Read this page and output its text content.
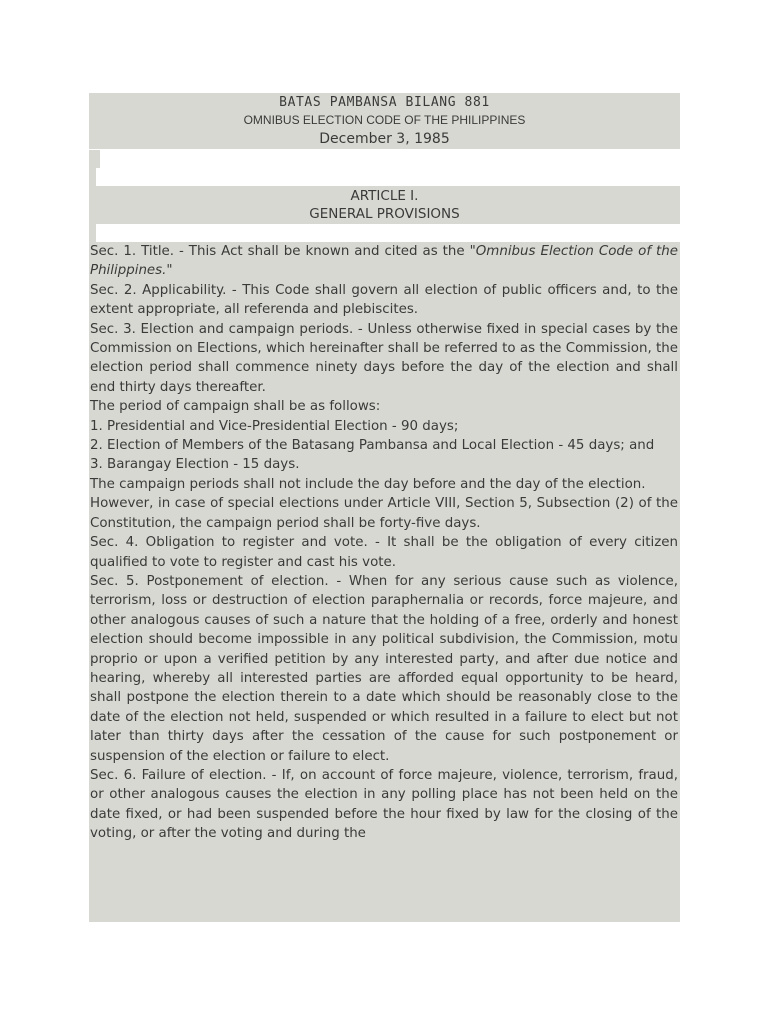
BATAS PAMBANSA BILANG 881
OMNIBUS ELECTION CODE OF THE PHILIPPINES
December 3, 1985
ARTICLE I.
GENERAL PROVISIONS

Sec. 1. Title. - This Act shall be known and cited as the "Omnibus Election Code of the Philippines."

Sec. 2. Applicability. - This Code shall govern all election of public officers and, to the extent appropriate, all referenda and plebiscites.

Sec. 3. Election and campaign periods. - Unless otherwise fixed in special cases by the Commission on Elections, which hereinafter shall be referred to as the Commission, the election period shall commence ninety days before the day of the election and shall end thirty days thereafter.

The period of campaign shall be as follows:

1. Presidential and Vice-Presidential Election - 90 days;

2. Election of Members of the Batasang Pambansa and Local Election - 45 days; and

3. Barangay Election - 15 days.

The campaign periods shall not include the day before and the day of the election.

However, in case of special elections under Article VIII, Section 5, Subsection (2) of the Constitution, the campaign period shall be forty-five days.

Sec. 4. Obligation to register and vote. - It shall be the obligation of every citizen qualified to vote to register and cast his vote.

Sec. 5. Postponement of election. - When for any serious cause such as violence, terrorism, loss or destruction of election paraphernalia or records, force majeure, and other analogous causes of such a nature that the holding of a free, orderly and honest election should become impossible in any political subdivision, the Commission, motu proprio or upon a verified petition by any interested party, and after due notice and hearing, whereby all interested parties are afforded equal opportunity to be heard, shall postpone the election therein to a date which should be reasonably close to the date of the election not held, suspended or which resulted in a failure to elect but not later than thirty days after the cessation of the cause for such postponement or suspension of the election or failure to elect.

Sec. 6. Failure of election. - If, on account of force majeure, violence, terrorism, fraud, or other analogous causes the election in any polling place has not been held on the date fixed, or had been suspended before the hour fixed by law for the closing of the voting, or after the voting and during the
